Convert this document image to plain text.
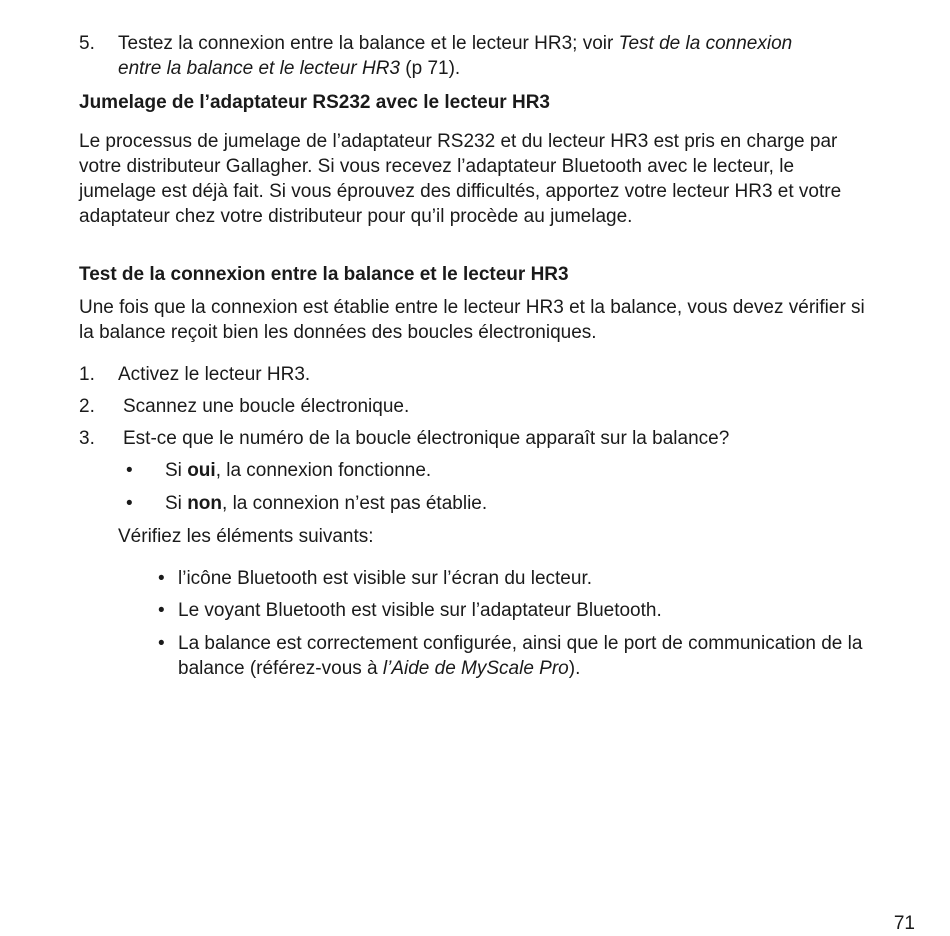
5. Testez la connexion entre la balance et le lecteur HR3; voir Test de la connexion
entre la balance et le lecteur HR3 (p 71).
Jumelage de l’adaptateur RS232 avec le lecteur HR3
Le processus de jumelage de l’adaptateur RS232 et du lecteur HR3 est pris en charge par
votre distributeur Gallagher. Si vous recevez l’adaptateur Bluetooth avec le lecteur, le
jumelage est déjà fait. Si vous éprouvez des difficultés, apportez votre lecteur HR3 et votre
adaptateur chez votre distributeur pour qu’il procède au jumelage.
Test de la connexion entre la balance et le lecteur HR3
Une fois que la connexion est établie entre le lecteur HR3 et la balance, vous devez vérifier si
la balance reçoit bien les données des boucles électroniques.
1. Activez le lecteur HR3.
2. Scannez une boucle électronique.
3. Est-ce que le numéro de la boucle électronique apparaît sur la balance?
• Si oui, la connexion fonctionne.
• Si non, la connexion n’est pas établie.
Vérifiez les éléments suivants:
• l’icône Bluetooth est visible sur l’écran du lecteur.
• Le voyant Bluetooth est visible sur l’adaptateur Bluetooth.
• La balance est correctement configurée, ainsi que le port de communication de la
balance (référez-vous à l’Aide de MyScale Pro).
71
